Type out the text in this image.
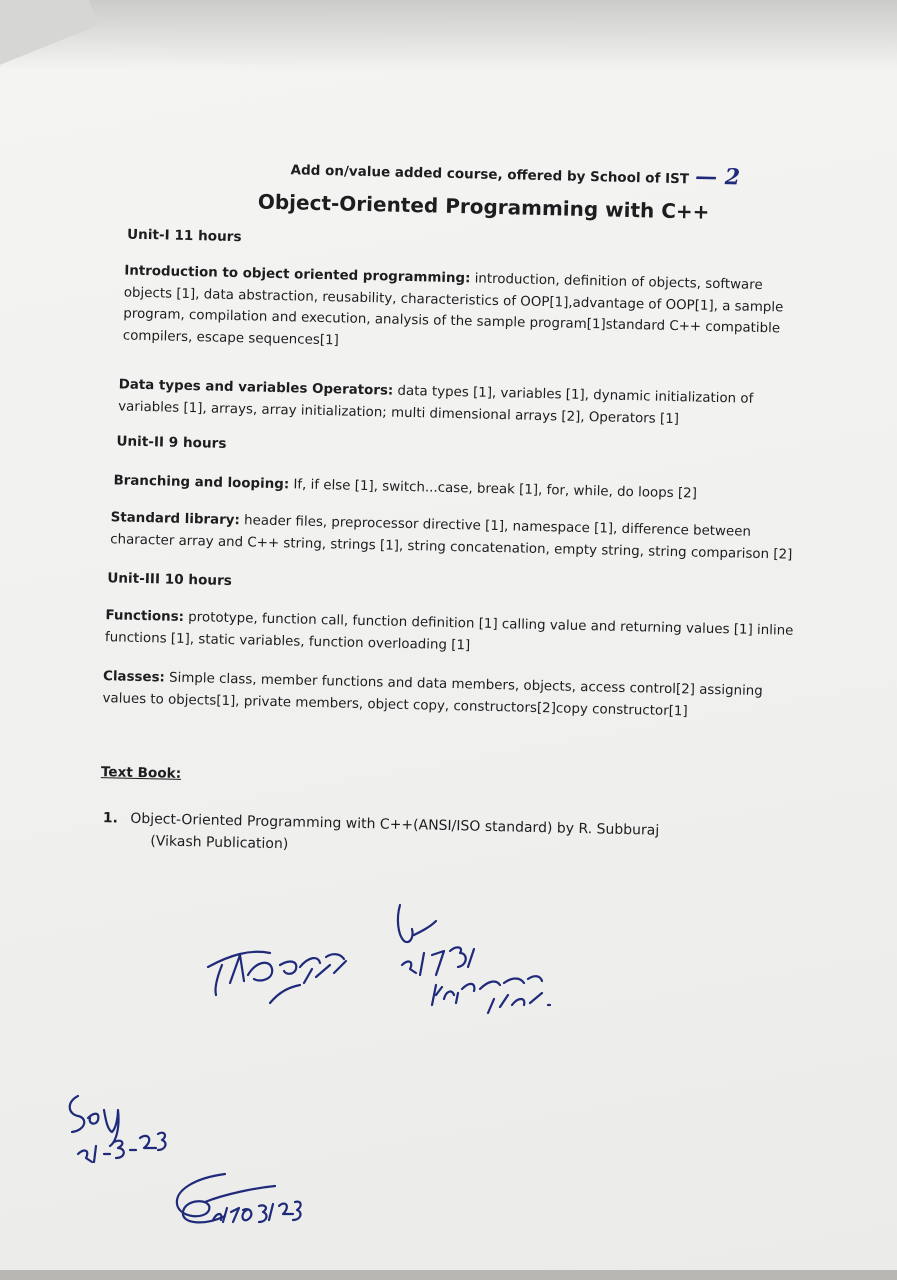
Add on/value added course, offered by School of IST — 2

Object-Oriented Programming with C++

Unit-I 11 hours

Introduction to object oriented programming: introduction, definition of objects, software objects [1], data abstraction, reusability, characteristics of OOP[1],advantage of OOP[1], a sample program, compilation and execution, analysis of the sample program[1]standard C++ compatible compilers, escape sequences[1]

Data types and variables Operators: data types [1], variables [1], dynamic initialization of variables [1], arrays, array initialization; multi dimensional arrays [2], Operators [1]

Unit-II 9 hours

Branching and looping: If, if else [1], switch...case, break [1], for, while, do loops [2]

Standard library: header files, preprocessor directive [1], namespace [1], difference between character array and C++ string, strings [1], string concatenation, empty string, string comparison [2]

Unit-III 10 hours

Functions: prototype, function call, function definition [1] calling value and returning values [1] inline functions [1], static variables, function overloading [1]

Classes: Simple class, member functions and data members, objects, access control[2] assigning values to objects[1], private members, object copy, constructors[2]copy constructor[1]

Text Book:

1. Object-Oriented Programming with C++(ANSI/ISO standard) by R. Subburaj
(Vikash Publication)
